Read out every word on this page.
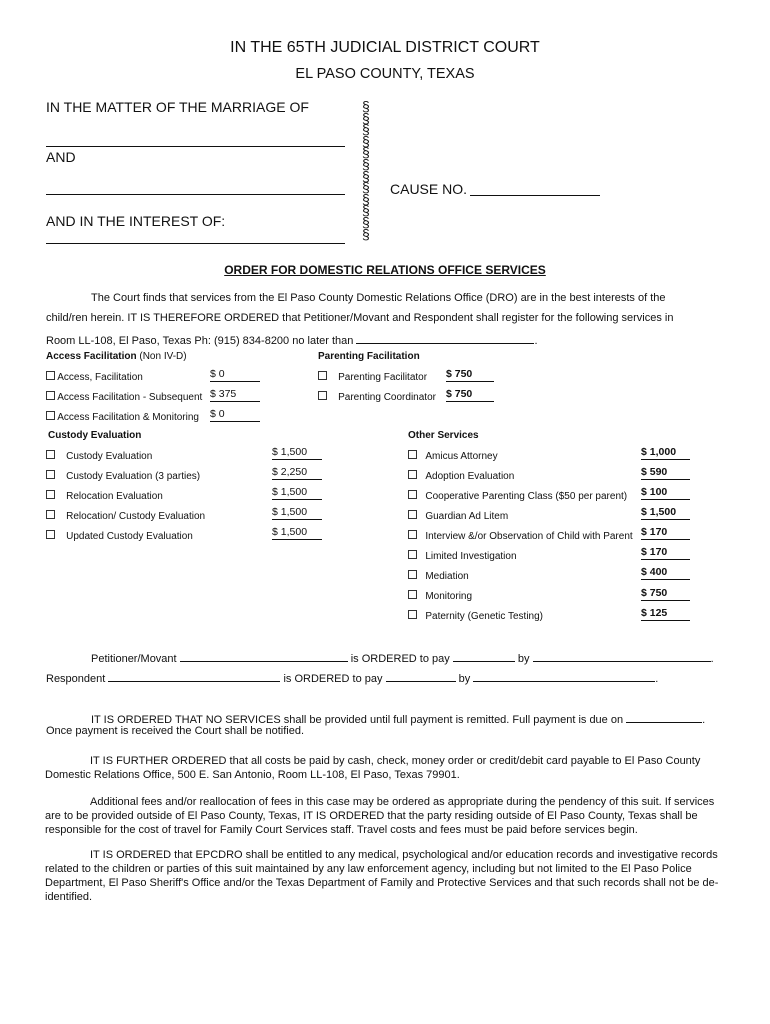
IN THE 65TH JUDICIAL DISTRICT COURT
EL PASO COUNTY, TEXAS
IN THE MATTER OF THE MARRIAGE OF
AND
AND IN THE INTEREST OF:
§
§
§
§
§
§
§
§
§
§
§
§
CAUSE NO.
ORDER FOR DOMESTIC RELATIONS OFFICE SERVICES
The Court finds that services from the El Paso County Domestic Relations Office (DRO) are in the best interests of the
child/ren herein. IT IS THEREFORE ORDERED that Petitioner/Movant and Respondent shall register for the following services in
Room LL-108, El Paso, Texas Ph: (915) 834-8200 no later than	.
Access Facilitation (Non IV-D)
Access, Facilitation	$ 0
Access Facilitation - Subsequent $ 375
Access Facilitation & Monitoring $ 0
Parenting Facilitation
Parenting Facilitator $ 750
Parenting Coordinator $ 750
Custody Evaluation
Custody Evaluation	$ 1,500
Custody Evaluation (3 parties)	$ 2,250
Relocation Evaluation	$ 1,500
Relocation/ Custody Evaluation	$ 1,500
Updated Custody Evaluation	$ 1,500
Other Services
Amicus Attorney	$ 1,000
Adoption Evaluation	$ 590
Cooperative Parenting Class ($50 per parent) $ 100
Guardian Ad Litem	$ 1,500
Interview &/or Observation of Child with Parent $ 170
Limited Investigation	$ 170
Mediation	$ 400
Monitoring	$ 750
Paternity (Genetic Testing)	$ 125
Petitioner/Movant	is ORDERED to pay	by	.
Respondent	is ORDERED to pay	by	.
IT IS ORDERED THAT NO SERVICES shall be provided until full payment is remitted. Full payment is due on	.
Once payment is received the Court shall be notified.
IT IS FURTHER ORDERED that all costs be paid by cash, check, money order or credit/debit card payable to El Paso County Domestic Relations Office, 500 E. San Antonio, Room LL-108, El Paso, Texas 79901.
Additional fees and/or reallocation of fees in this case may be ordered as appropriate during the pendency of this suit. If services are to be provided outside of El Paso County, Texas, IT IS ORDERED that the party residing outside of El Paso County, Texas shall be responsible for the cost of travel for Family Court Services staff. Travel costs and fees must be paid before services begin.
IT IS ORDERED that EPCDRO shall be entitled to any medical, psychological and/or education records and investigative records related to the children or parties of this suit maintained by any law enforcement agency, including but not limited to the El Paso Police Department, El Paso Sheriff's Office and/or the Texas Department of Family and Protective Services and that such records shall not be de-identified.
